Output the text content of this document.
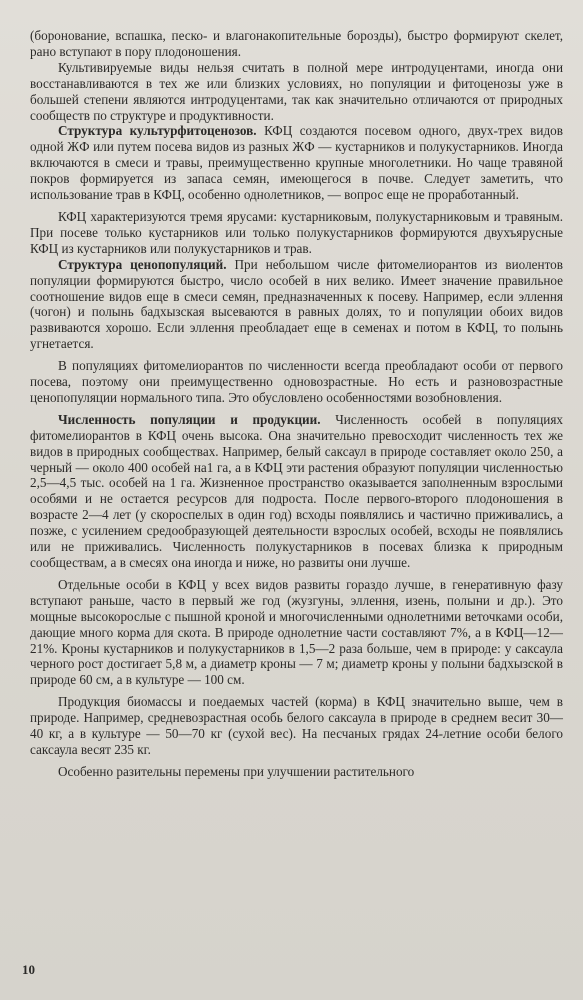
(боронование, вспашка, песко- и влагонакопительные борозды), быстро формируют скелет, рано вступают в пору плодоношения.

Культивируемые виды нельзя считать в полной мере интродуцентами, иногда они восстанавливаются в тех же или близких условиях, но популяции и фитоценозы уже в большей степени являются интродуцентами, так как значительно отличаются от природных сообществ по структуре и продуктивности.

Структура культурфитоценозов. КФЦ создаются посевом одного, двух-трех видов одной ЖФ или путем посева видов из разных ЖФ — кустарников и полукустарников. Иногда включаются в смеси и травы, преимущественно крупные многолетники. Но чаще травяной покров формируется из запаса семян, имеющегося в почве. Следует заметить, что использование трав в КФЦ, особенно однолетников, — вопрос еще не проработанный.

КФЦ характеризуются тремя ярусами: кустарниковым, полукустарниковым и травяным. При посеве только кустарников или только полукустарников формируются двухъярусные КФЦ из кустарников или полукустарников и трав.

Структура ценопопуляций. При небольшом числе фитомелиорантов из виолентов популяции формируются быстро, число особей в них велико. Имеет значение правильное соотношение видов еще в смеси семян, предназначенных к посеву. Например, если эллення (чогон) и полынь бадхызская высеваются в равных долях, то и популяции обоих видов развиваются хорошо. Если эллення преобладает еще в семенах и потом в КФЦ, то полынь угнетается.

В популяциях фитомелиорантов по численности всегда преобладают особи от первого посева, поэтому они преимущественно одновозрастные. Но есть и разновозрастные ценопопуляции нормального типа. Это обусловлено особенностями возобновления.

Численность популяции и продукции. Численность особей в популяциях фитомелиорантов в КФЦ очень высока. Она значительно превосходит численность тех же видов в природных сообществах. Например, белый саксаул в природе составляет около 250, а черный — около 400 особей на1 га, а в КФЦ эти растения образуют популяции численностью 2,5—4,5 тыс. особей на 1 га. Жизненное пространство оказывается заполненным взрослыми особями и не остается ресурсов для подроста. После первого-второго плодоношения в возрасте 2—4 лет (у скороспелых в один год) всходы появлялись и частично приживались, а позже, с усилением средообразующей деятельности взрослых особей, всходы не появлялись или не приживались. Численность полукустарников в посевах близка к природным сообществам, а в смесях она иногда и ниже, но развиты они лучше.

Отдельные особи в КФЦ у всех видов развиты гораздо лучше, в генеративную фазу вступают раньше, часто в первый же год (жузгуны, эллення, изень, полыни и др.). Это мощные высокорослые с пышной кроной и многочисленными однолетними веточками особи, дающие много корма для скота. В природе однолетние части составляют 7%, а в КФЦ—12—21%. Кроны кустарников и полукустарников в 1,5—2 раза больше, чем в природе: у саксаула черного рост достигает 5,8 м, а диаметр кроны — 7 м; диаметр кроны у полыни бадхызской в природе 60 см, а в культуре — 100 см.

Продукция биомассы и поедаемых частей (корма) в КФЦ значительно выше, чем в природе. Например, средневозрастная особь белого саксаула в природе в среднем весит 30—40 кг, а в культуре — 50—70 кг (сухой вес). На песчаных грядах 24-летние особи белого саксаула весят 235 кг.

Особенно разительны перемены при улучшении растительного

10
